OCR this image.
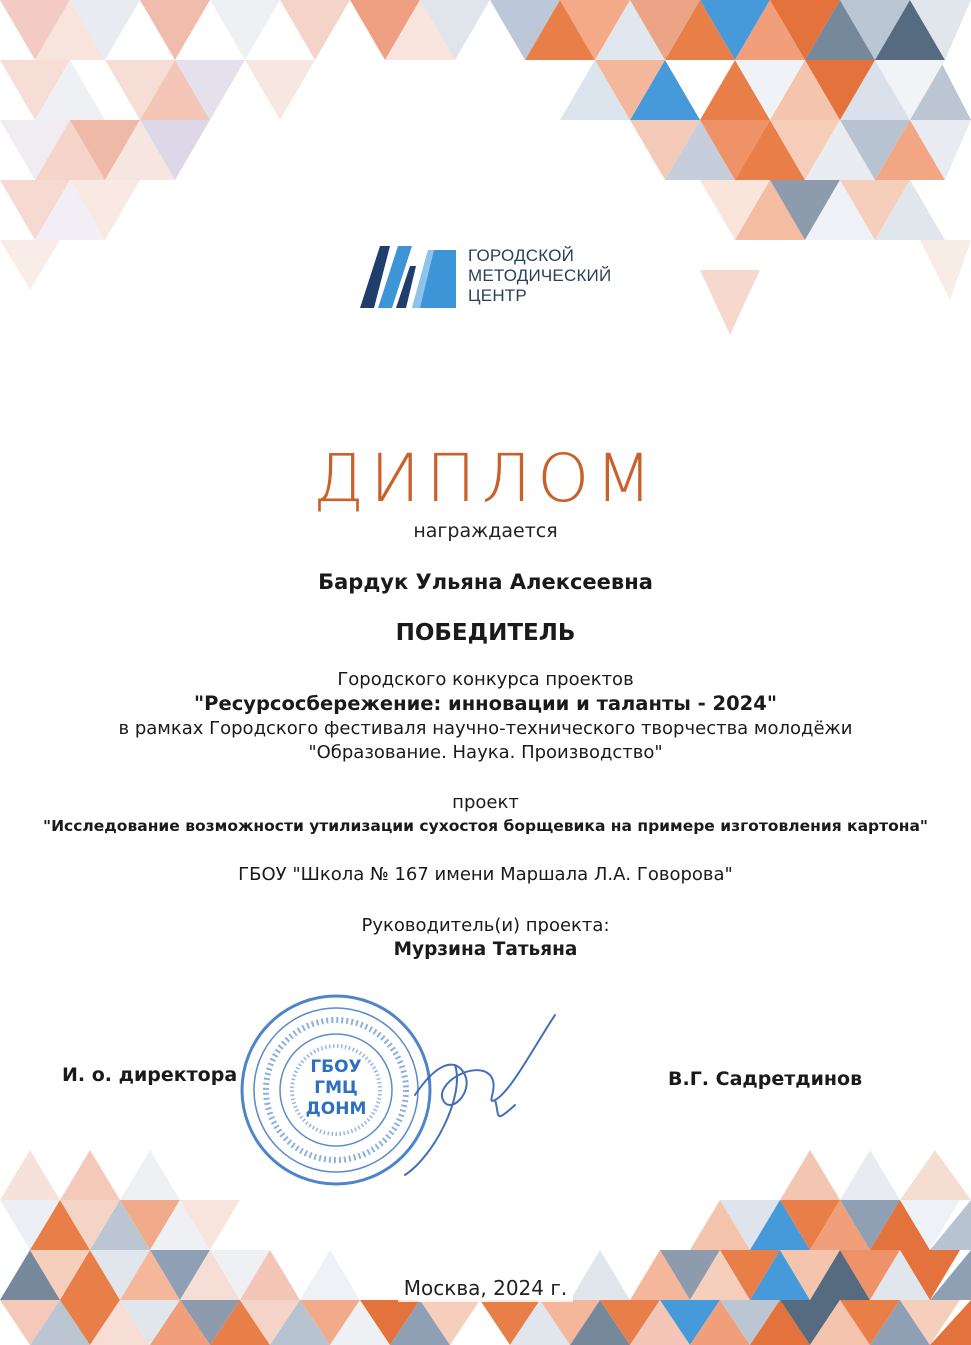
ГОРОДСКОЙ
МЕТОДИЧЕСКИЙ
ЦЕНТР
ДИПЛОМ
награждается
Бардук Ульяна Алексеевна
ПОБЕДИТЕЛЬ
Городского конкурса проектов
"Ресурсосбережение: инновации и таланты - 2024"
в рамках Городского фестиваля научно-технического творчества молодёжи
"Образование. Наука. Производство"
проект
"Исследование возможности утилизации сухостоя борщевика на примере изготовления картона"
ГБОУ "Школа № 167 имени Маршала Л.А. Говорова"
Руководитель(и) проекта:
Мурзина Татьяна
И. о. директора	В.Г. Садретдинов
ГБОУ
ГМЦ
ДОНМ
Москва, 2024 г.
